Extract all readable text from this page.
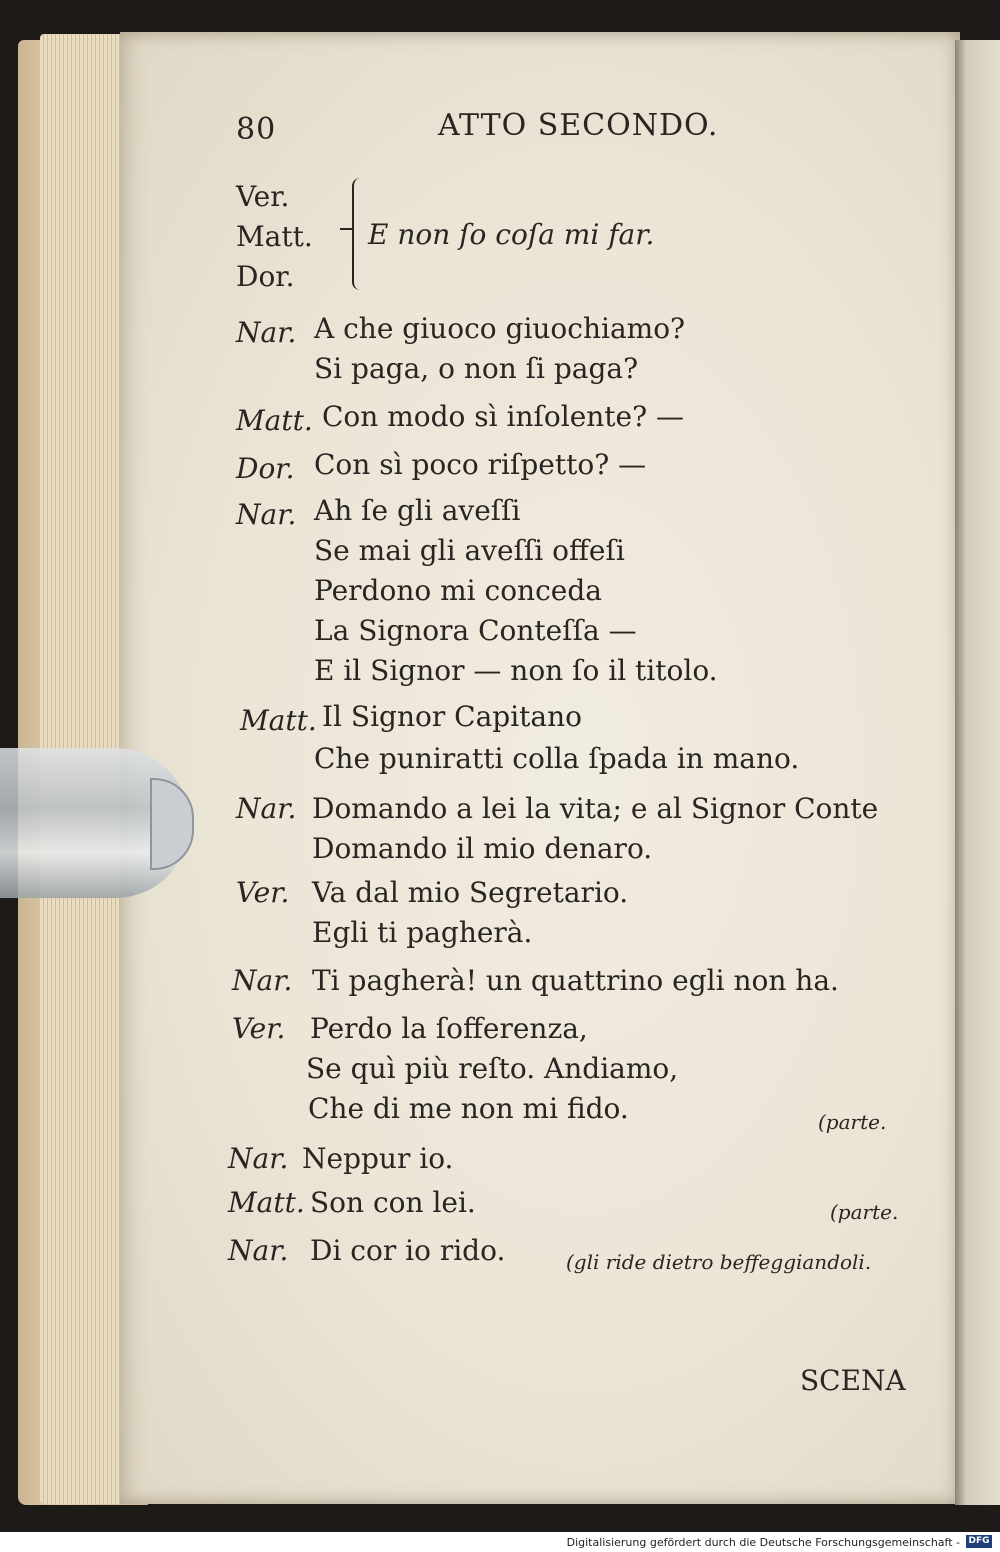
80	ATTO SECONDO.
Ver.
Matt.
Dor.
E non ſo coſa mi far.
Nar. A che giuoco giuochiamo?
Si paga, o non ſi paga?
Matt. Con modo sì inſolente? —
Dor. Con sì poco riſpetto? —
Nar. Ah ſe gli aveſſi
Se mai gli aveſſi offeſi
Perdono mi conceda
La Signora Conteſſa —
E il Signor — non ſo il titolo.
Matt. Il Signor Capitano
Che puniratti colla ſpada in mano.
Nar. Domando a lei la vita; e al Signor Conte
Domando il mio denaro.
Ver. Va dal mio Segretario.
Egli ti pagherà.
Nar. Ti pagherà! un quattrino egli non ha.
Ver. Perdo la ſofferenza,
Se quì più reſto. Andiamo,
Che di me non mi fido.	(parte.
Nar. Neppur io.
Matt. Son con lei.	(parte.
Nar. Di cor io rido.	(gli ride dietro beffeggiandoli.
SCENA
Digitalisierung gefördert durch die Deutsche Forschungsgemeinschaft - DFG
